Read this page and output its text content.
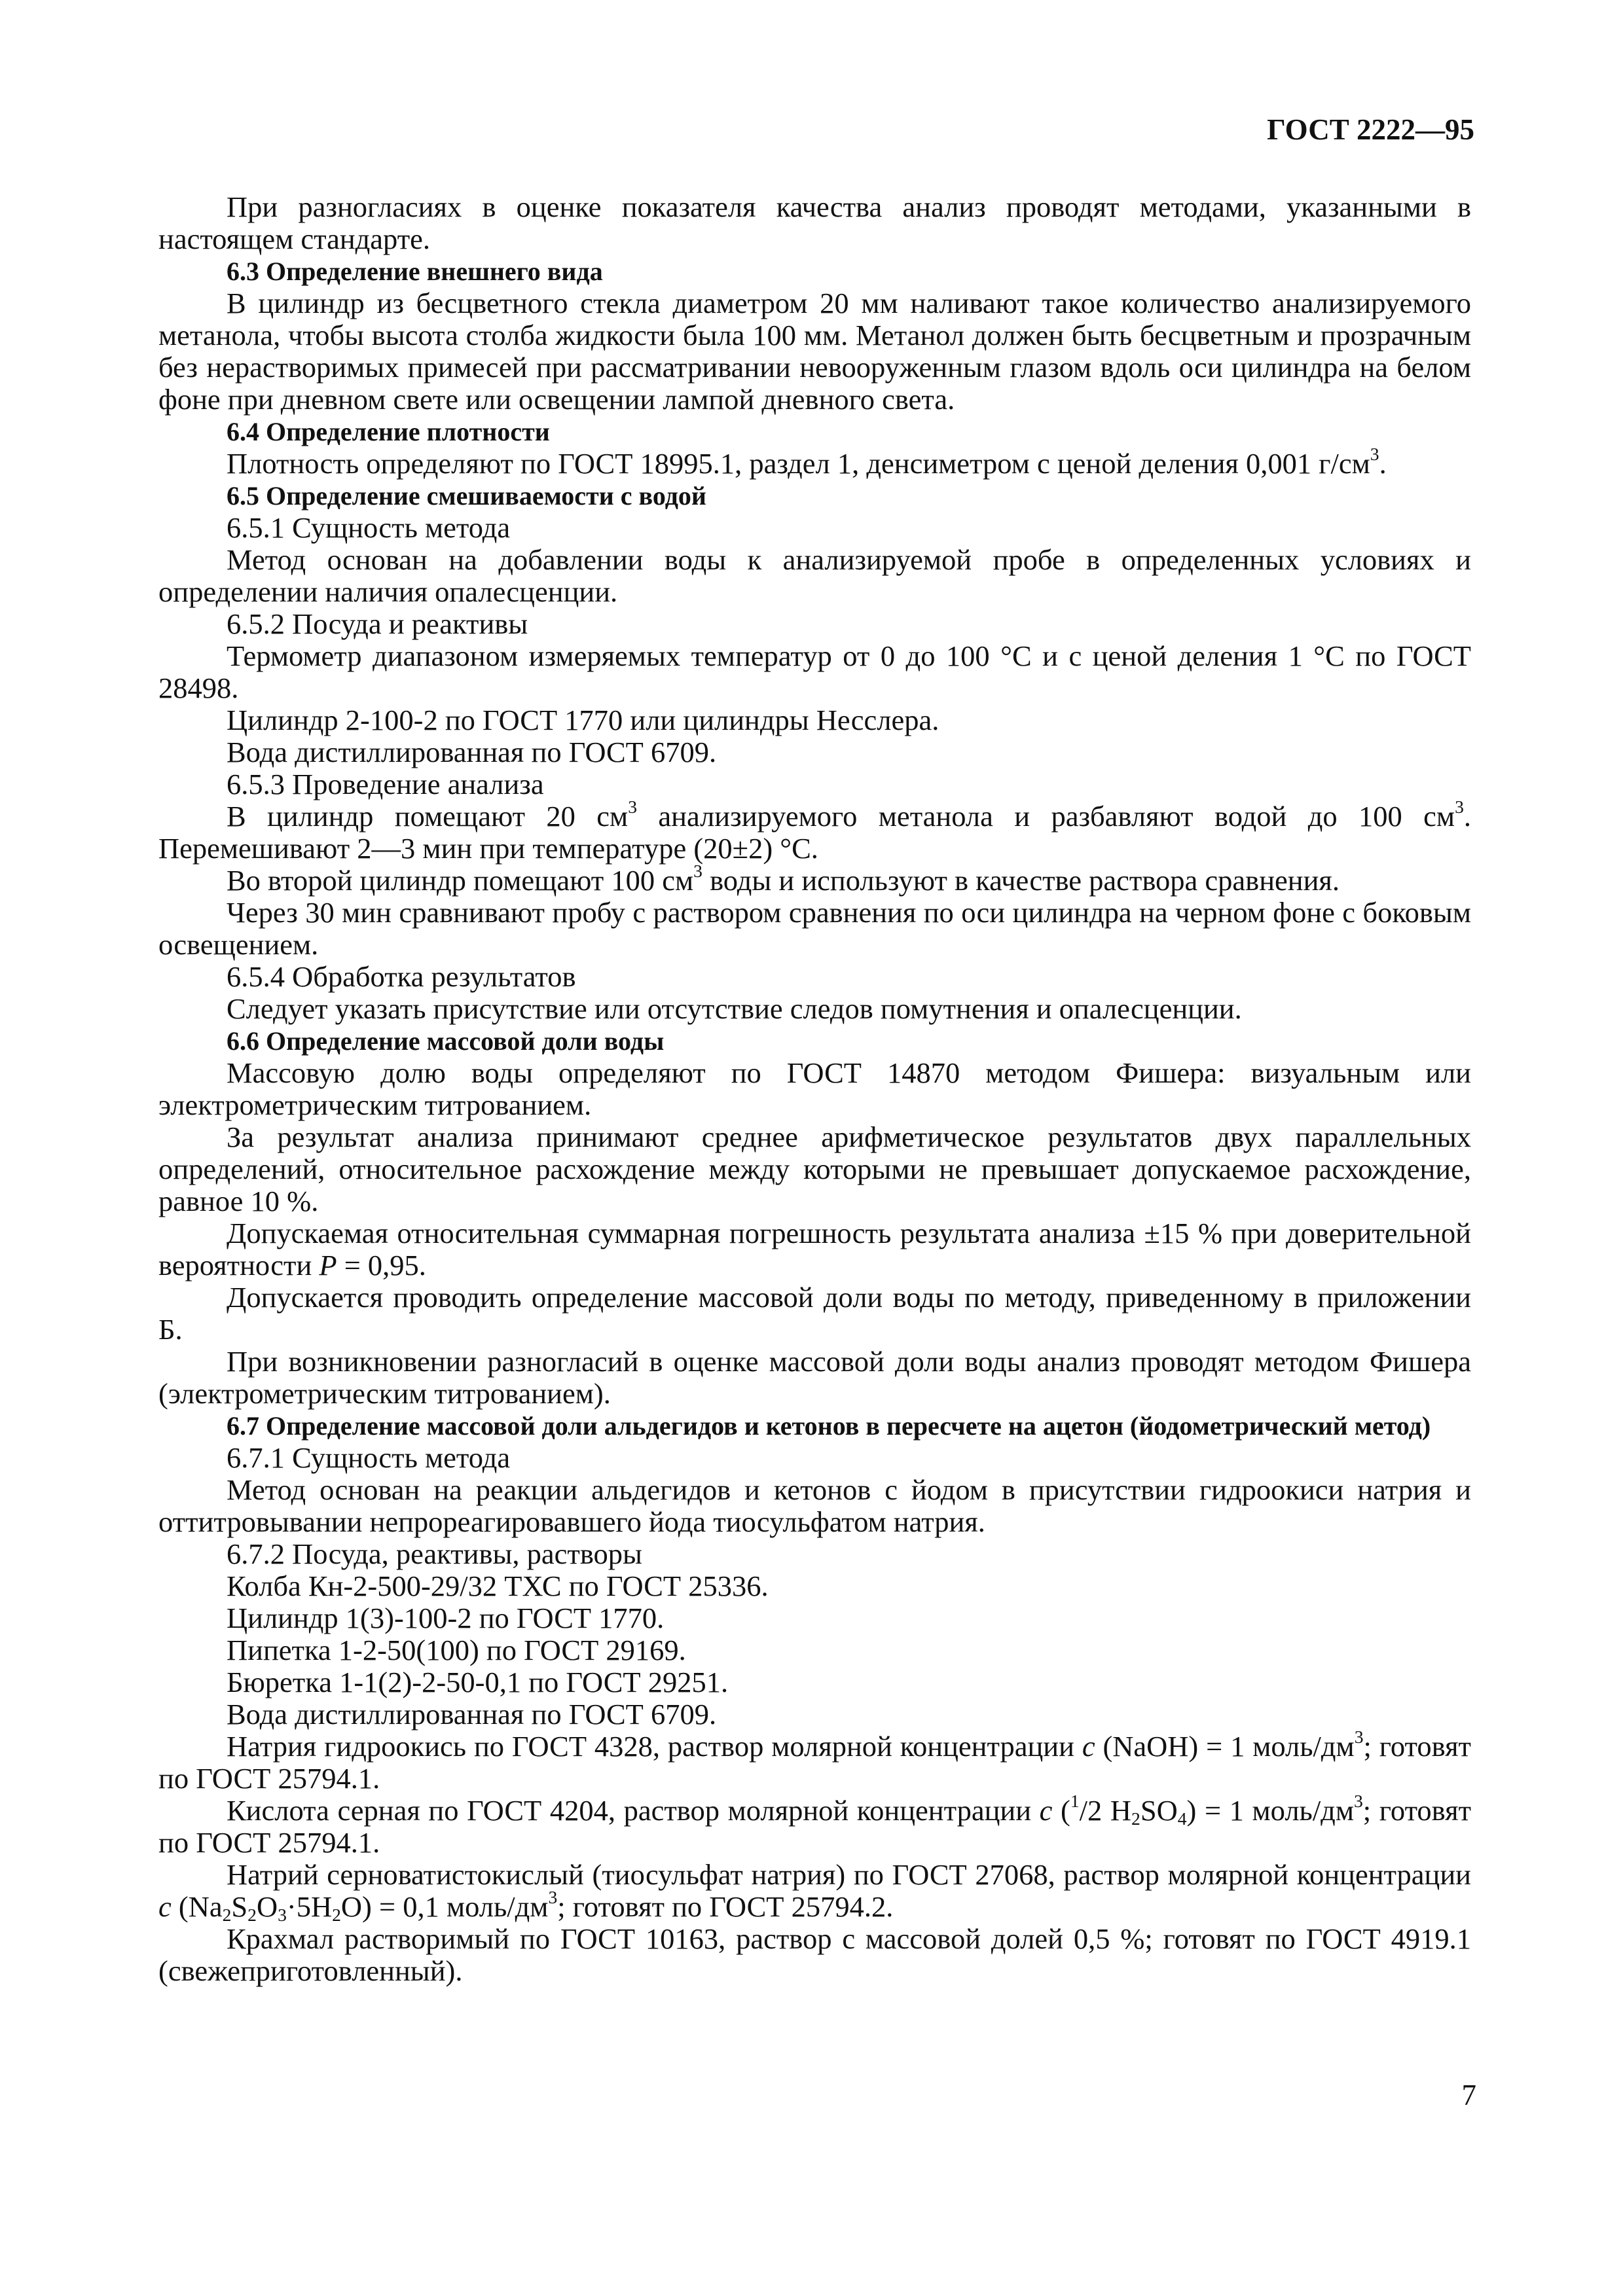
ГОСТ 2222—95

При разногласиях в оценке показателя качества анализ проводят методами, указанными в настоящем стандарте.

6.3 Определение внешнего вида

В цилиндр из бесцветного стекла диаметром 20 мм наливают такое количество анализируемого метанола, чтобы высота столба жидкости была 100 мм. Метанол должен быть бесцветным и прозрачным без нерастворимых примесей при рассматривании невооруженным глазом вдоль оси цилиндра на белом фоне при дневном свете или освещении лампой дневного света.

6.4 Определение плотности

Плотность определяют по ГОСТ 18995.1, раздел 1, денсиметром с ценой деления 0,001 $г/см^3$.

6.5 Определение смешиваемости с водой

6.5.1 Сущность метода

Метод основан на добавлении воды к анализируемой пробе в определенных условиях и определении наличия опалесценции.

6.5.2 Посуда и реактивы

Термометр диапазоном измеряемых температур от 0 до 100 °С и с ценой деления 1 °С по ГОСТ 28498.

Цилиндр 2-100-2 по ГОСТ 1770 или цилиндры Несслера.

Вода дистиллированная по ГОСТ 6709.

6.5.3 Проведение анализа

В цилиндр помещают 20 $см^3$ анализируемого метанола и разбавляют водой до 100 $см^3$. Перемешивают 2—3 мин при температуре (20±2) °С.

Во второй цилиндр помещают 100 $см^3$ воды и используют в качестве раствора сравнения.

Через 30 мин сравнивают пробу с раствором сравнения по оси цилиндра на черном фоне с боковым освещением.

6.5.4 Обработка результатов

Следует указать присутствие или отсутствие следов помутнения и опалесценции.

6.6 Определение массовой доли воды

Массовую долю воды определяют по ГОСТ 14870 методом Фишера: визуальным или электрометрическим титрованием.

За результат анализа принимают среднее арифметическое результатов двух параллельных определений, относительное расхождение между которыми не превышает допускаемое расхождение, равное 10 %.

Допускаемая относительная суммарная погрешность результата анализа ±15 % при доверительной вероятности P = 0,95.

Допускается проводить определение массовой доли воды по методу, приведенному в приложении Б.

При возникновении разногласий в оценке массовой доли воды анализ проводят методом Фишера (электрометрическим титрованием).

6.7 Определение массовой доли альдегидов и кетонов в пересчете на ацетон (йодометрический метод)

6.7.1 Сущность метода

Метод основан на реакции альдегидов и кетонов с йодом в присутствии гидроокиси натрия и оттитровывании непрореагировавшего йода тиосульфатом натрия.

6.7.2 Посуда, реактивы, растворы

Колба Кн-2-500-29/32 ТХС по ГОСТ 25336.

Цилиндр 1(3)-100-2 по ГОСТ 1770.

Пипетка 1-2-50(100) по ГОСТ 29169.

Бюретка 1-1(2)-2-50-0,1 по ГОСТ 29251.

Вода дистиллированная по ГОСТ 6709.

Натрия гидроокись по ГОСТ 4328, раствор молярной концентрации с (NaOH) = 1 моль/$дм^3$; готовят по ГОСТ 25794.1.

Кислота серная по ГОСТ 4204, раствор молярной концентрации с ($^1$/2 $H_2SO_4) = 1$ моль/$дм^3$; готовят по ГОСТ 25794.1.

Натрий серноватистокислый (тиосульфат натрия) по ГОСТ 27068, раствор молярной концентрации с $(Na_2S_2O_3\cdot 5H_2O) = 0,1$ моль/$дм^3$; готовят по ГОСТ 25794.2.

Крахмал растворимый по ГОСТ 10163, раствор с массовой долей 0,5 %; готовят по ГОСТ 4919.1 (свежеприготовленный).

7
